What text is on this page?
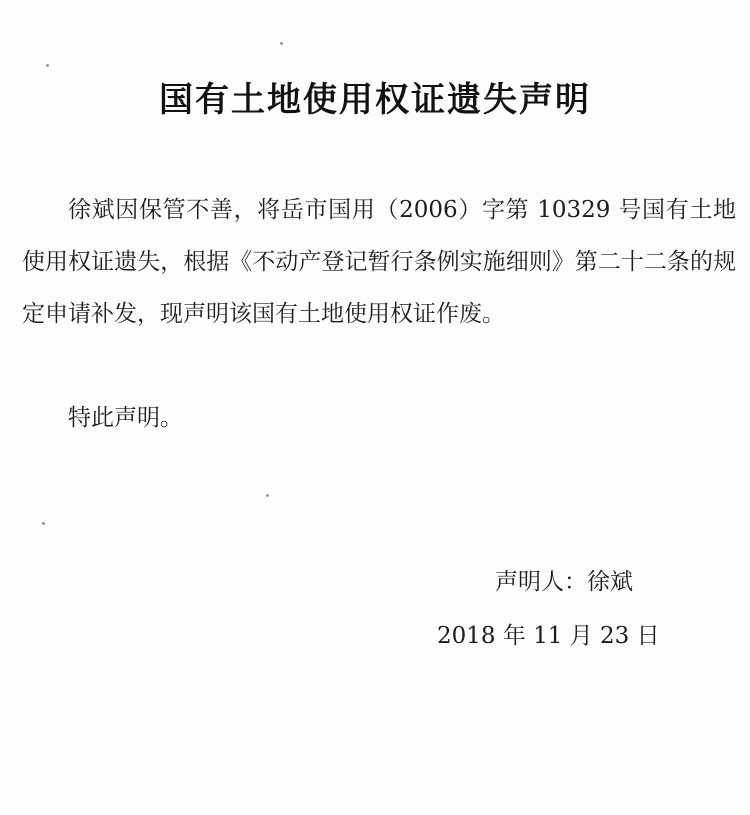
国有土地使用权证遗失声明

徐斌因保管不善，将岳市国用（2006）字第 10329 号国有土地使用权证遗失，根据《不动产登记暂行条例实施细则》第二十二条的规定申请补发，现声明该国有土地使用权证作废。

特此声明。
声明人：徐斌
2018 年 11 月 23 日
